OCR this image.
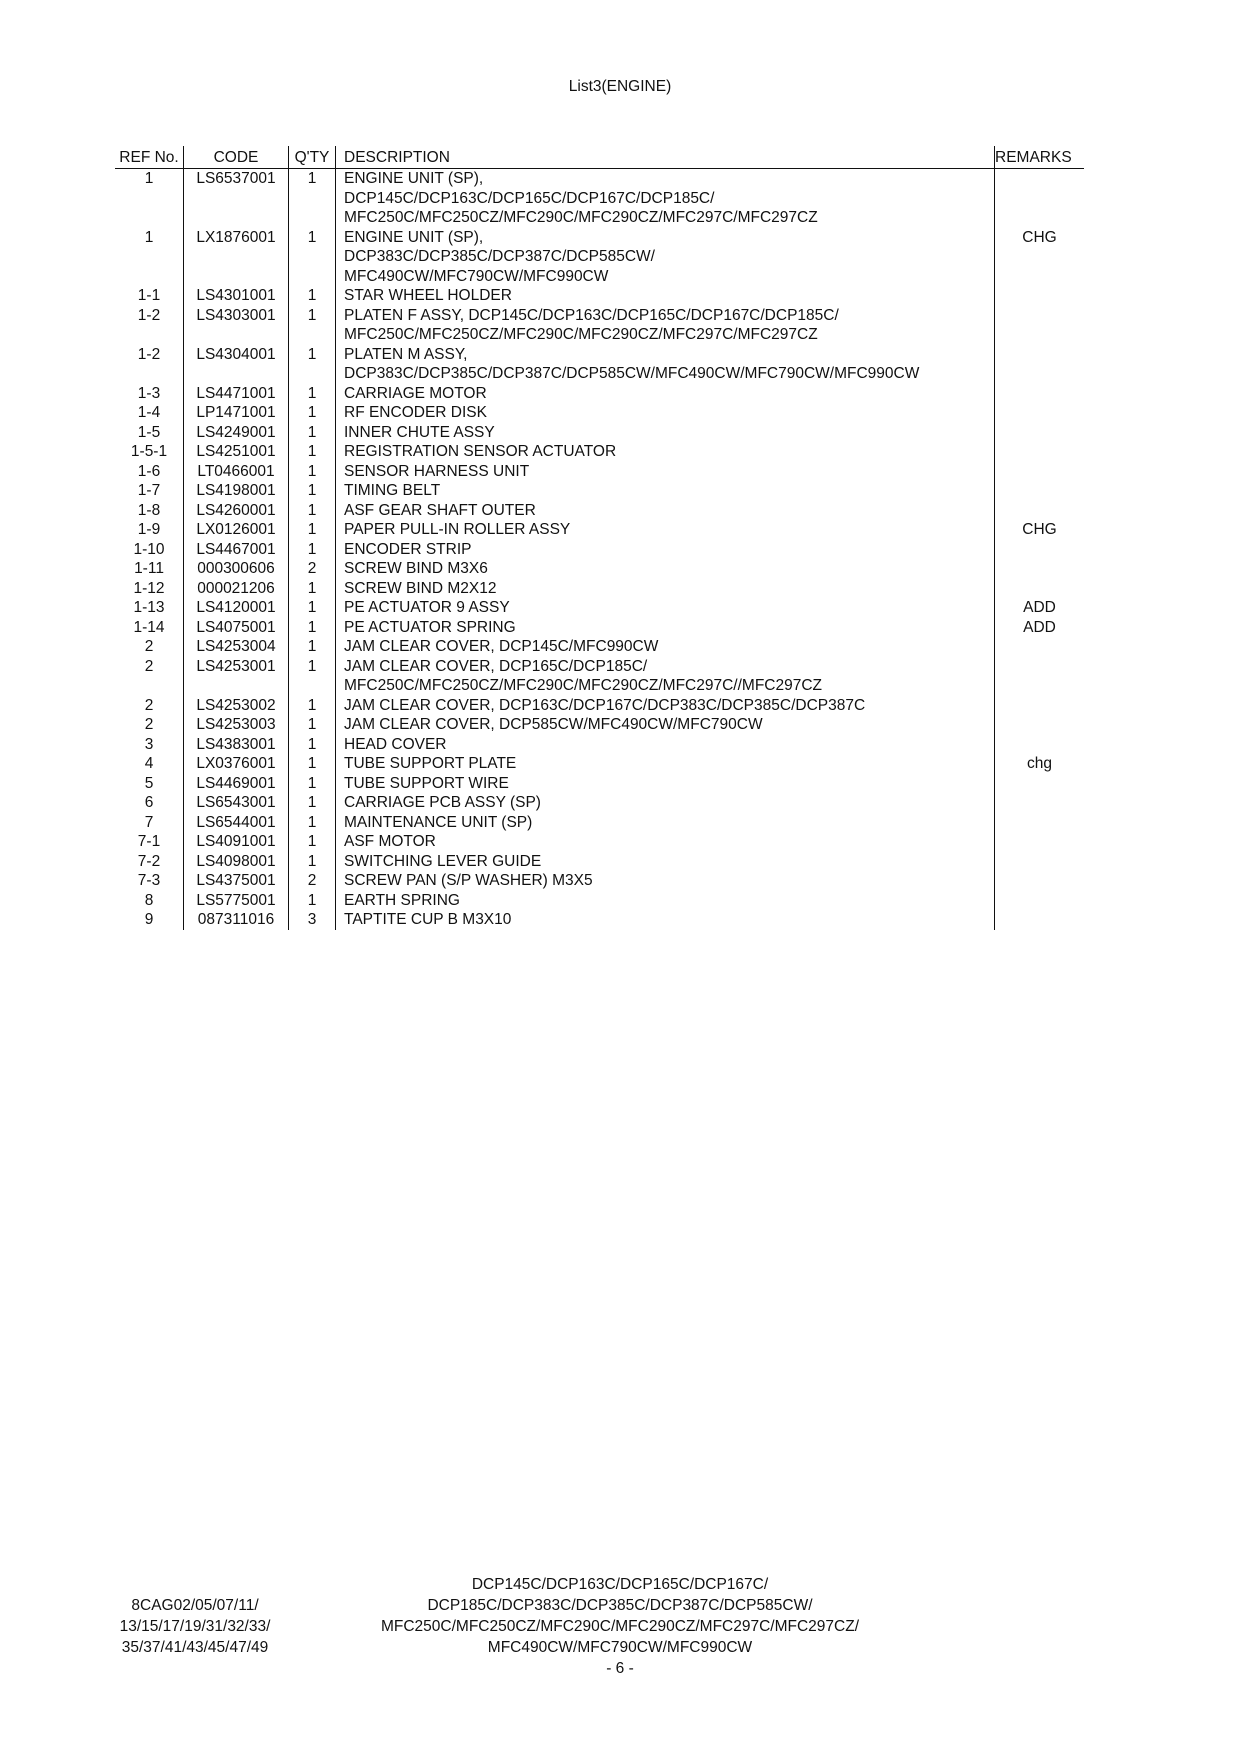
List3(ENGINE)
REF No.	CODE	Q'TY	DESCRIPTION	REMARKS
1	LS6537001	1	ENGINE UNIT (SP),	
			DCP145C/DCP163C/DCP165C/DCP167C/DCP185C/	
			MFC250C/MFC250CZ/MFC290C/MFC290CZ/MFC297C/MFC297CZ	
1	LX1876001	1	ENGINE UNIT (SP),	CHG
			DCP383C/DCP385C/DCP387C/DCP585CW/	
			MFC490CW/MFC790CW/MFC990CW	
1-1	LS4301001	1	STAR WHEEL HOLDER	
1-2	LS4303001	1	PLATEN F ASSY, DCP145C/DCP163C/DCP165C/DCP167C/DCP185C/	
			MFC250C/MFC250CZ/MFC290C/MFC290CZ/MFC297C/MFC297CZ	
1-2	LS4304001	1	PLATEN M ASSY,	
			DCP383C/DCP385C/DCP387C/DCP585CW/MFC490CW/MFC790CW/MFC990CW	
1-3	LS4471001	1	CARRIAGE MOTOR	
1-4	LP1471001	1	RF ENCODER DISK	
1-5	LS4249001	1	INNER CHUTE ASSY	
1-5-1	LS4251001	1	REGISTRATION SENSOR ACTUATOR	
1-6	LT0466001	1	SENSOR HARNESS UNIT	
1-7	LS4198001	1	TIMING BELT	
1-8	LS4260001	1	ASF GEAR SHAFT OUTER	
1-9	LX0126001	1	PAPER PULL-IN ROLLER ASSY	CHG
1-10	LS4467001	1	ENCODER STRIP	
1-11	000300606	2	SCREW BIND M3X6	
1-12	000021206	1	SCREW BIND M2X12	
1-13	LS4120001	1	PE ACTUATOR 9 ASSY	ADD
1-14	LS4075001	1	PE ACTUATOR SPRING	ADD
2	LS4253004	1	JAM CLEAR COVER, DCP145C/MFC990CW	
2	LS4253001	1	JAM CLEAR COVER, DCP165C/DCP185C/	
			MFC250C/MFC250CZ/MFC290C/MFC290CZ/MFC297C//MFC297CZ	
2	LS4253002	1	JAM CLEAR COVER, DCP163C/DCP167C/DCP383C/DCP385C/DCP387C	
2	LS4253003	1	JAM CLEAR COVER, DCP585CW/MFC490CW/MFC790CW	
3	LS4383001	1	HEAD COVER	
4	LX0376001	1	TUBE SUPPORT PLATE	chg
5	LS4469001	1	TUBE SUPPORT WIRE	
6	LS6543001	1	CARRIAGE PCB ASSY (SP)	
7	LS6544001	1	MAINTENANCE UNIT (SP)	
7-1	LS4091001	1	ASF MOTOR	
7-2	LS4098001	1	SWITCHING LEVER GUIDE	
7-3	LS4375001	2	SCREW PAN (S/P WASHER) M3X5	
8	LS5775001	1	EARTH SPRING	
9	087311016	3	TAPTITE CUP B M3X10	
8CAG02/05/07/11/
13/15/17/19/31/32/33/
35/37/41/43/45/47/49
DCP145C/DCP163C/DCP165C/DCP167C/
DCP185C/DCP383C/DCP385C/DCP387C/DCP585CW/
MFC250C/MFC250CZ/MFC290C/MFC290CZ/MFC297C/MFC297CZ/
MFC490CW/MFC790CW/MFC990CW
- 6 -
